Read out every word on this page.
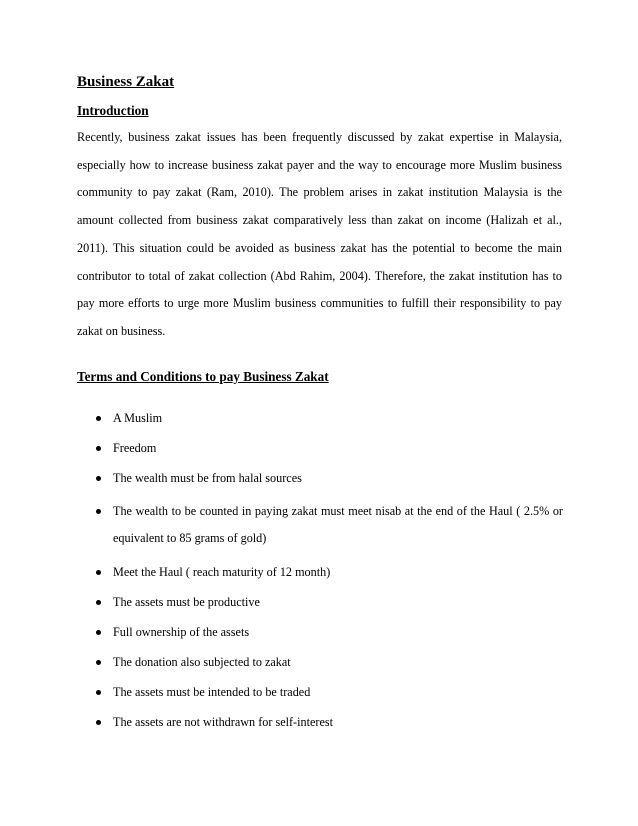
Business Zakat
Introduction

Recently, business zakat issues has been frequently discussed by zakat expertise in Malaysia, especially how to increase business zakat payer and the way to encourage more Muslim business community to pay zakat (Ram, 2010). The problem arises in zakat institution Malaysia is the amount collected from business zakat comparatively less than zakat on income (Halizah et al., 2011). This situation could be avoided as business zakat has the potential to become the main contributor to total of zakat collection (Abd Rahim, 2004). Therefore, the zakat institution has to pay more efforts to urge more Muslim business communities to fulfill their responsibility to pay zakat on business.

Terms and Conditions to pay Business Zakat
A Muslim
Freedom
The wealth must be from halal sources
The wealth to be counted in paying zakat must meet nisab at the end of the Haul ( 2.5% or equivalent to 85 grams of gold)
Meet the Haul ( reach maturity of 12 month)
The assets must be productive
Full ownership of the assets
The donation also subjected to zakat
The assets must be intended to be traded
The assets are not withdrawn for self-interest
